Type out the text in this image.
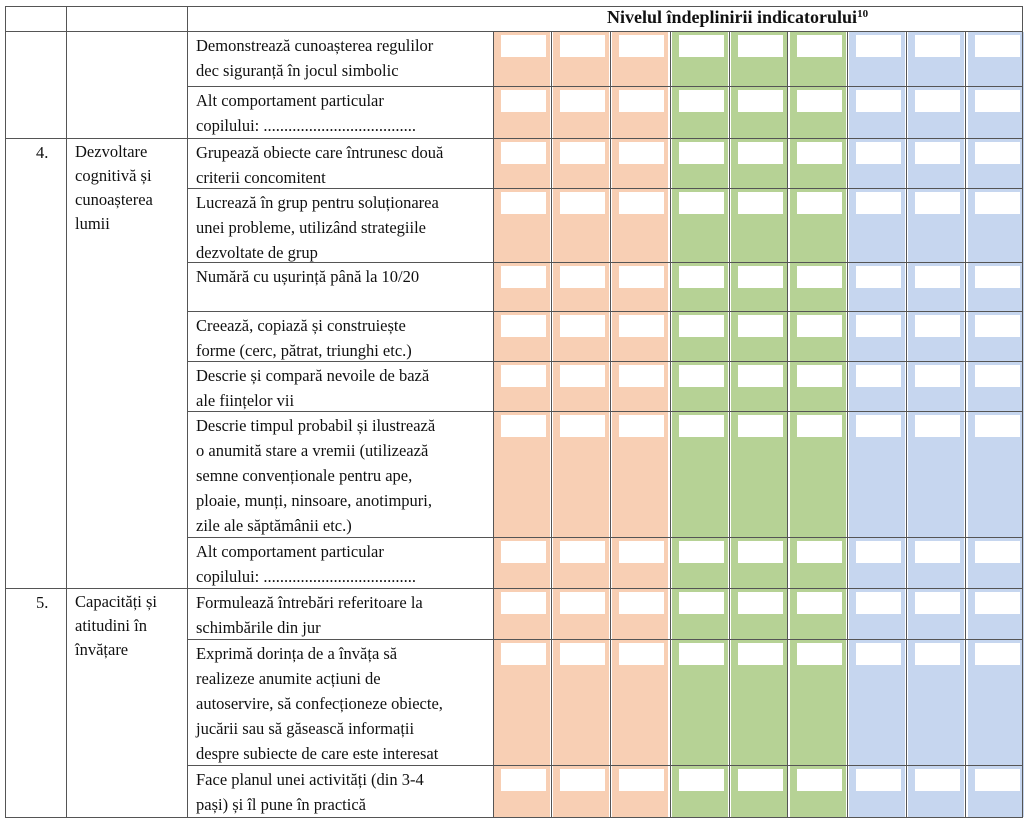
Nivelul îndeplinirii indicatorului$^{10}$
Demonstrează cunoașterea regulilor
dec siguranță în jocul simbolic
Alt comportament particular
copilului: .....................................
4. Dezvoltare
cognitivă și
cunoașterea
lumii
Grupează obiecte care întrunesc două
criterii concomitent
Lucrează în grup pentru soluționarea
unei probleme, utilizând strategiile
dezvoltate de grup
Numără cu ușurință până la 10/20
Creează, copiază și construiește
forme (cerc, pătrat, triunghi etc.)
Descrie și compară nevoile de bază
ale ființelor vii
Descrie timpul probabil și ilustrează
o anumită stare a vremii (utilizează
semne convenționale pentru ape,
ploaie, munți, ninsoare, anotimpuri,
zile ale săptămânii etc.)
Alt comportament particular
copilului: .....................................
5. Capacități și
atitudini în
învățare
Formulează întrebări referitoare la
schimbările din jur
Exprimă dorința de a învăța să
realizeze anumite acțiuni de
autoservire, să confecționeze obiecte,
jucării sau să găsească informații
despre subiecte de care este interesat
Face planul unei activități (din 3-4
pași) și îl pune în practică
